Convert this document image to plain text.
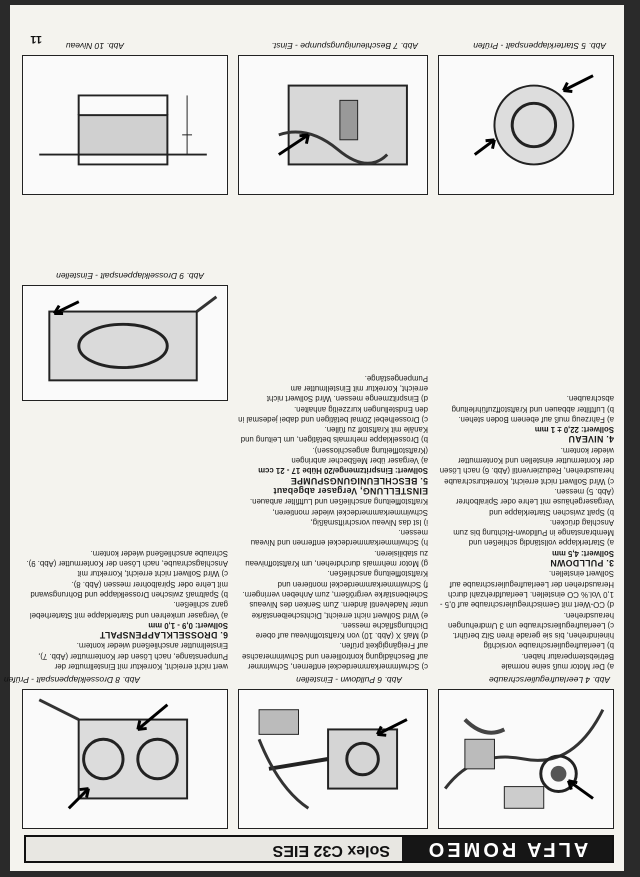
ALFA ROMEO
Solex C32 EIES
Abb. 4 Leerlaufregulierschraube
Abb. 6 Pulldown - Einstellen
Abb. 8 Drosselklappenspalt - Prüfen

a) Der Motor muß seine normale Betriebstemperatur haben.

b) Leerlaufregulierschraube vorsichtig hineindrehen, bis sie gerade ihren Sitz berührt.

c) Leerlaufregulierschraube um 3 Umdrehungen herausdrehen.

d) CO-Wert mit Gemischregulierschraube auf 0,5 - 1,0 Vol.% CO einstellen. Leerlaufdrehzahl durch Herausdrehen der Leerlaufregulierschraube auf Sollwert einstellen.

3. PULLDOWN

Sollwert: 4,5 mm

a) Starterklappe vollständig schließen und Membranstange in Pulldown-Richtung bis zum Anschlag drücken.

b) Spalt zwischen Starterklappe und Vergasergehäuse mit Lehre oder Spiralbohrer (Abb. 5) messen.

c) Wird Sollwert nicht erreicht, Korrekturschraube herausdrehen, Reduzierventil (Abb. 6) nach Lösen der Kontermutter einstellen und Kontermutter wieder kontern.

4. NIVEAU

Sollwert: 22,0 ± 1 mm

a) Fahrzeug muß auf ebenem Boden stehen.

b) Luftfilter abbauen und Kraftstoffzuführleitung abschrauben.

c) Schwimmerkammerdeckel entfernen, Schwimmer auf Beschädigung kontrollieren und Schwimmerachse auf Freigängigkeit prüfen.

d) Maß X (Abb. 10) von Kraftstoffniveau auf obere Dichtungsfläche messen.

e) Wird Sollwert nicht erreicht, Dichtscheibenstärke unter Nadelventil ändern. Zum Senken des Niveaus Scheibenstärke vergrößern, zum Anheben verringern.

f) Schwimmerkammerdeckel montieren und Kraftstoffleitung anschließen.

g) Motor mehrmals durchdrehen, um Kraftstoffniveau zu stabilisieren.

h) Schwimmerkammerdeckel entfernen und Niveau messen.

i) Ist das Niveau vorschriftsmäßig, Schwimmerkammerdeckel wieder montieren, Kraftstoffleitung anschließen und Luftfilter anbauen.

EINSTELLUNG, Vergaser abgebaut

5. BESCHLEUNIGUNGSPUMPE

Sollwert: Einspritzmenge/20 Hübe 17 - 21 ccm

a) Vergaser über Meßbecher anbringen (Kraftstoffleitung angeschlossen).

b) Drosselklappe mehrmals betätigen, um Leitung und Kanäle mit Kraftstoff zu füllen.

c) Drosselhebel 20mal betätigen und dabei jedesmal in den Endstellungen kurzzeitig anhalten.

d) Einspritzmenge messen. Wird Sollwert nicht erreicht, Korrektur mit Einstellmutter am Pumpengestänge.

wert nicht erreicht, Korrektur mit Einstellmutter der Pumpenstange, nach Lösen der Kontermutter (Abb. 7), Einstellmutter anschließend wieder kontern.

6. DROSSELKLAPPENSPALT

Sollwert: 0,9 - 1,0 mm

a) Vergaser umkehren und Starterklappe mit Starterhebel ganz schließen.

b) Spaltmaß zwischen Drosselklappe und Bohrungswand mit Lehre oder Spiralbohrer messen (Abb. 8).

c) Wird Sollwert nicht erreicht, Korrektur mit Anschlagschraube, nach Lösen der Kontermutter (Abb. 9). Schraube anschließend wieder kontern.

Abb. 9 Drosselklappenspalt - Einstellen
Abb. 5 Starterklappenspalt - Prüfen
Abb. 7 Beschleunigungspumpe - Einst.
Abb. 10 Niveau
11
